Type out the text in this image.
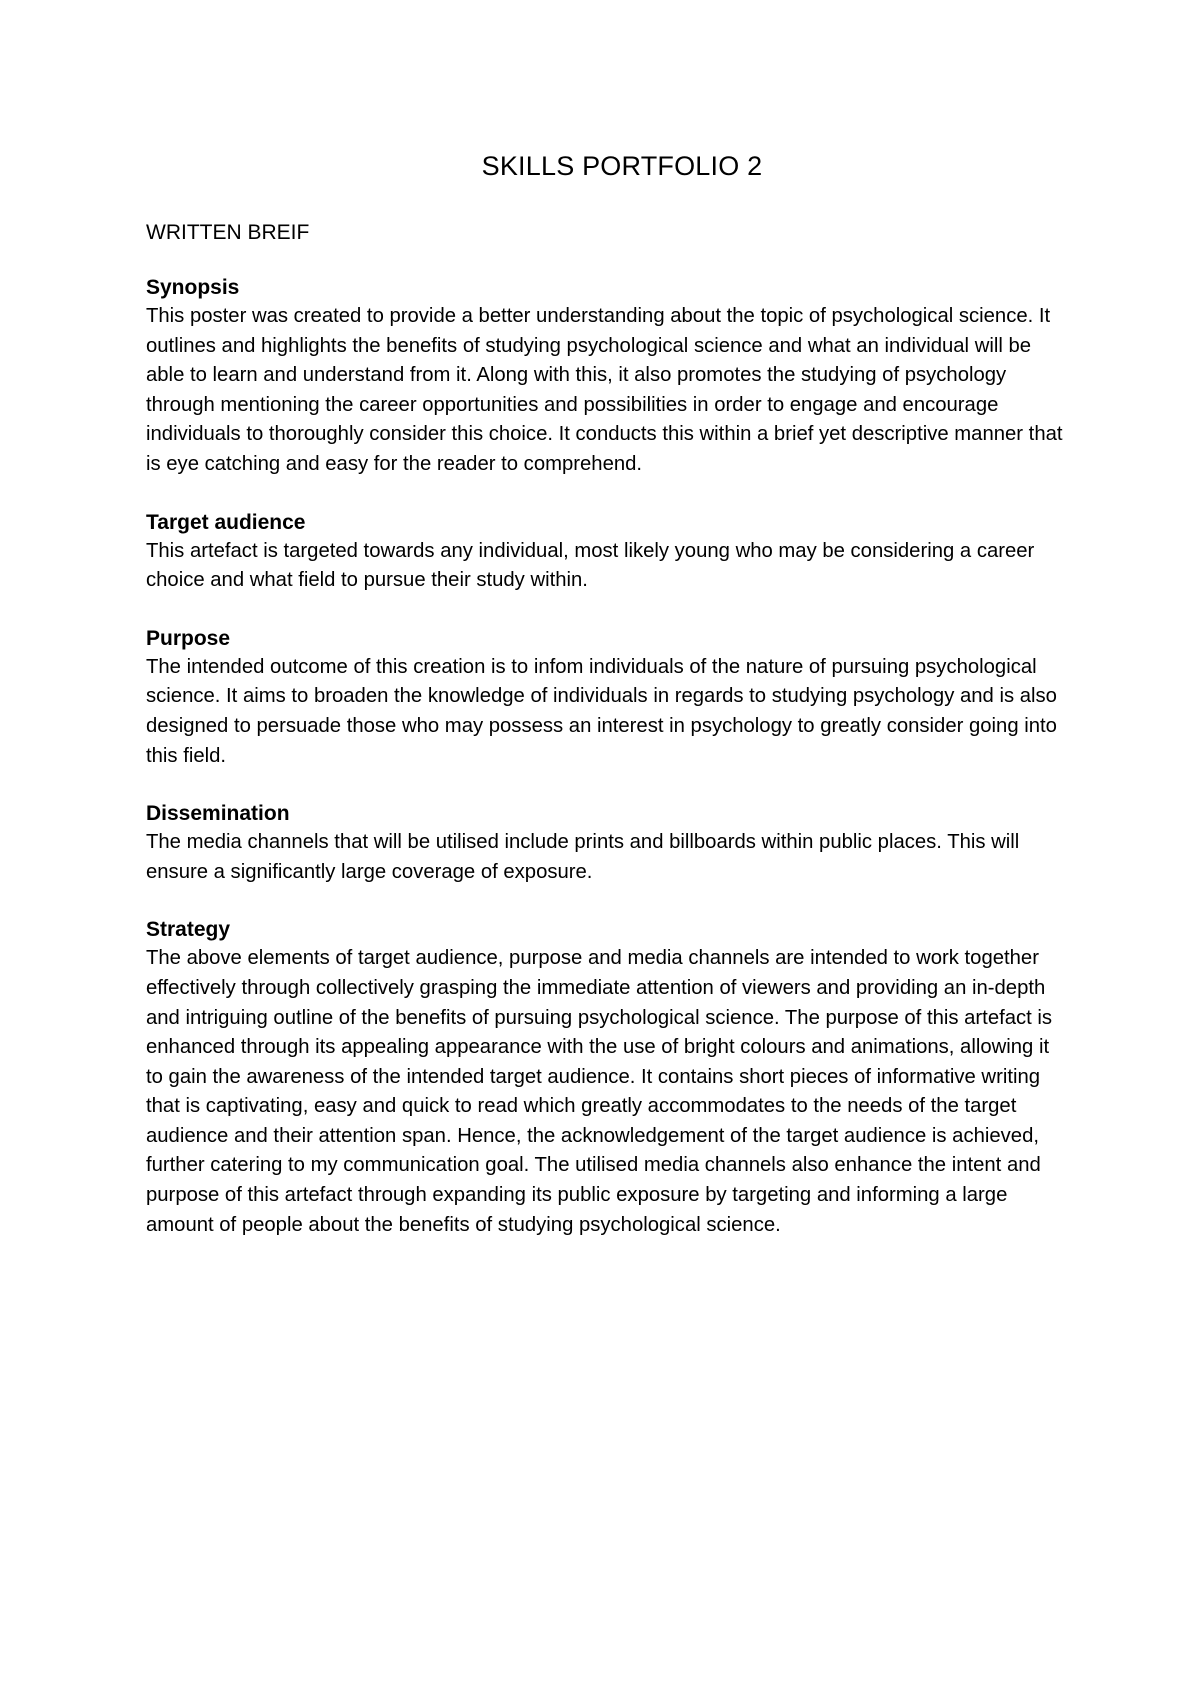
SKILLS PORTFOLIO 2

WRITTEN BREIF

Synopsis

This poster was created to provide a better understanding about the topic of psychological science. It outlines and highlights the benefits of studying psychological science and what an individual will be able to learn and understand from it. Along with this, it also promotes the studying of psychology through mentioning the career opportunities and possibilities in order to engage and encourage individuals to thoroughly consider this choice. It conducts this within a brief yet descriptive manner that is eye catching and easy for the reader to comprehend.

Target audience

This artefact is targeted towards any individual, most likely young who may be considering a career choice and what field to pursue their study within.

Purpose

The intended outcome of this creation is to infom individuals of the nature of pursuing psychological science. It aims to broaden the knowledge of individuals in regards to studying psychology and is also designed to persuade those who may possess an interest in psychology to greatly consider going into this field.

Dissemination

The media channels that will be utilised include prints and billboards within public places. This will ensure a significantly large coverage of exposure.

Strategy

The above elements of target audience, purpose and media channels are intended to work together effectively through collectively grasping the immediate attention of viewers and providing an in-depth and intriguing outline of the benefits of pursuing psychological science. The purpose of this artefact is enhanced through its appealing appearance with the use of bright colours and animations, allowing it to gain the awareness of the intended target audience. It contains short pieces of informative writing that is captivating, easy and quick to read which greatly accommodates to the needs of the target audience and their attention span. Hence, the acknowledgement of the target audience is achieved, further catering to my communication goal. The utilised media channels also enhance the intent and purpose of this artefact through expanding its public exposure by targeting and informing a large amount of people about the benefits of studying psychological science.
